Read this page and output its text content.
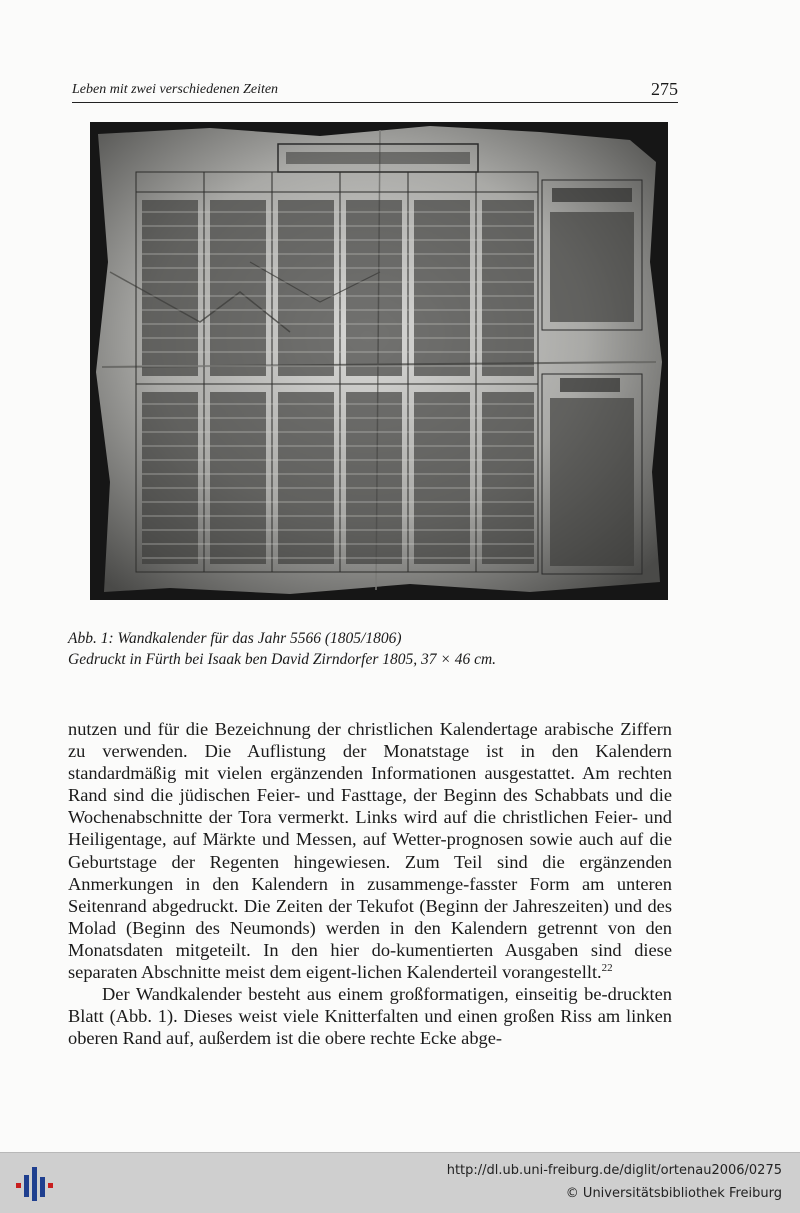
Leben mit zwei verschiedenen Zeiten	275
Abb. 1: Wandkalender für das Jahr 5566 (1805/1806)
Gedruckt in Fürth bei Isaak ben David Zirndorfer 1805, 37 × 46 cm.

nutzen und für die Bezeichnung der christlichen Kalendertage arabische Ziffern zu verwenden. Die Auflistung der Monatstage ist in den Kalendern standardmäßig mit vielen ergänzenden Informationen ausgestattet. Am rechten Rand sind die jüdischen Feier- und Fasttage, der Beginn des Schabbats und die Wochenabschnitte der Tora vermerkt. Links wird auf die christlichen Feier- und Heiligentage, auf Märkte und Messen, auf Wetter-prognosen sowie auch auf die Geburtstage der Regenten hingewiesen. Zum Teil sind die ergänzenden Anmerkungen in den Kalendern in zusammenge-fasster Form am unteren Seitenrand abgedruckt. Die Zeiten der Tekufot (Beginn der Jahreszeiten) und des Molad (Beginn des Neumonds) werden in den Kalendern getrennt von den Monatsdaten mitgeteilt. In den hier do-kumentierten Ausgaben sind diese separaten Abschnitte meist dem eigent-lichen Kalenderteil vorangestellt.$^{22}$

Der Wandkalender besteht aus einem großformatigen, einseitig be-druckten Blatt (Abb. 1). Dieses weist viele Knitterfalten und einen großen Riss am linken oberen Rand auf, außerdem ist die obere rechte Ecke abge-

http://dl.ub.uni-freiburg.de/diglit/ortenau2006/0275
© Universitätsbibliothek Freiburg
